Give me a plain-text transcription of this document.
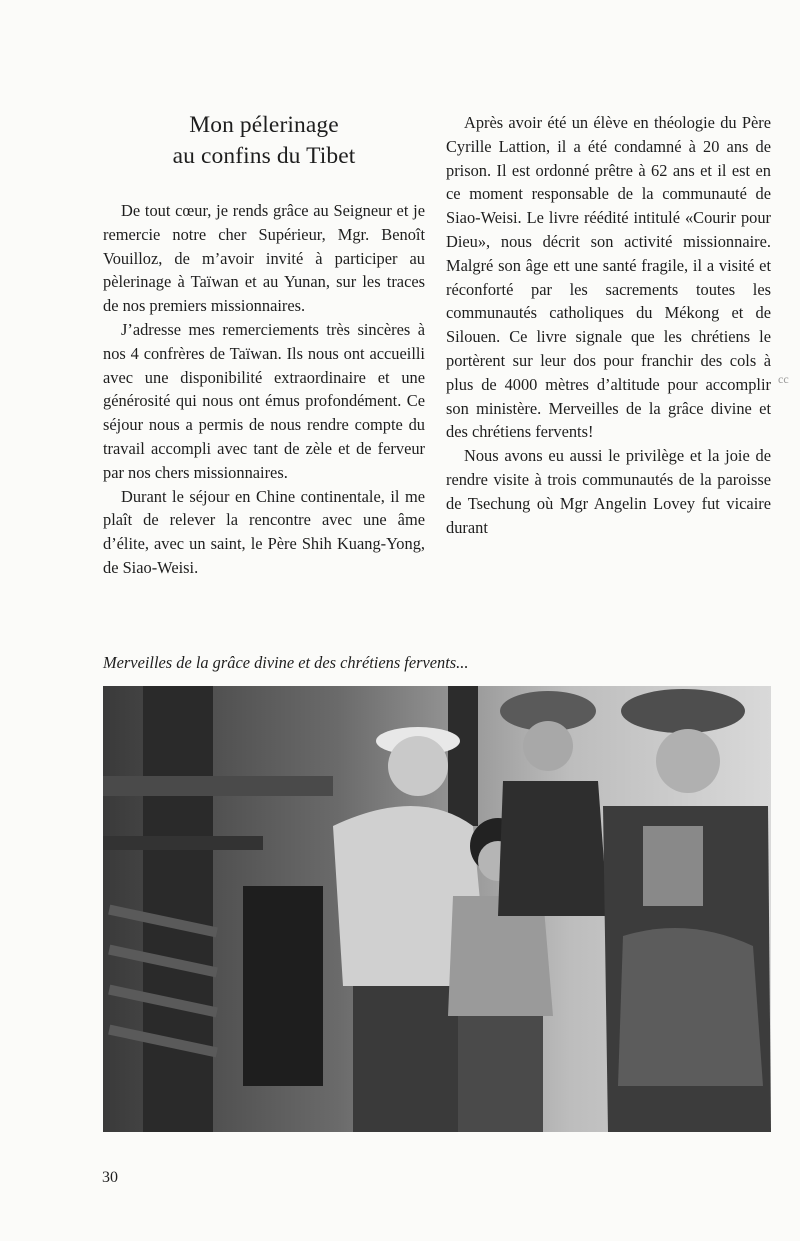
Mon pélerinage
au confins du Tibet

De tout cœur, je rends grâce au Seigneur et je remercie notre cher Supérieur, Mgr. Benoît Vouilloz, de m’avoir invité à participer au pèlerinage à Taïwan et au Yunan, sur les traces de nos premiers missionnaires.

J’adresse mes remerciements très sincères à nos 4 confrères de Taïwan. Ils nous ont accueilli avec une disponibilité extraordinaire et une générosité qui nous ont émus profondément. Ce séjour nous a permis de nous rendre compte du travail accompli avec tant de zèle et de ferveur par nos chers missionnaires.

Durant le séjour en Chine continentale, il me plaît de relever la rencontre avec une âme d’élite, avec un saint, le Père Shih Kuang-Yong, de Siao-Weisi.

Après avoir été un élève en théologie du Père Cyrille Lattion, il a été condamné à 20 ans de prison. Il est ordonné prêtre à 62 ans et il est en ce moment responsable de la communauté de Siao-Weisi. Le livre réédité intitulé «Courir pour Dieu», nous décrit son activité missionnaire. Malgré son âge ett une santé fragile, il a visité et réconforté par les sacrements toutes les communautés catholiques du Mékong et de Silouen. Ce livre signale que les chrétiens le portèrent sur leur dos pour franchir des cols à plus de 4000 mètres d’altitude pour accomplir son ministère. Merveilles de la grâce divine et des chrétiens fervents!

Nous avons eu aussi le privilège et la joie de rendre visite à trois communautés de la paroisse de Tsechung où Mgr Angelin Lovey fut vicaire durant

cc
Merveilles de la grâce divine et des chrétiens fervents...
30
